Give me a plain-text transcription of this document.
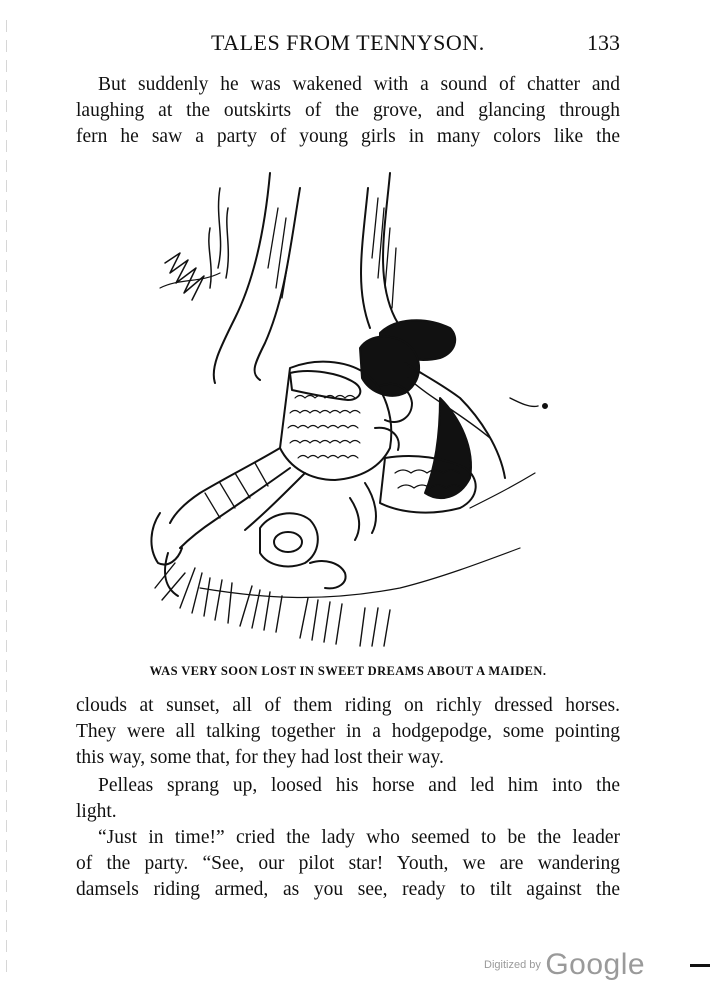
TALES FROM TENNYSON.	133

But suddenly he was wakened with a sound of chatter and
laughing at the outskirts of the grove, and glancing through
fern he saw a party of young girls in many colors like the

WAS VERY SOON LOST IN SWEET DREAMS ABOUT A MAIDEN.

clouds at sunset, all of them riding on richly dressed horses.
They were all talking together in a hodgepodge, some pointing
this way, some that, for they had lost their way.

Pelleas sprang up, loosed his horse and led him into the
light.

“Just in time!” cried the lady who seemed to be the leader
of the party. “See, our pilot star! Youth, we are wandering
damsels riding armed, as you see, ready to tilt against the

Digitized by Google
